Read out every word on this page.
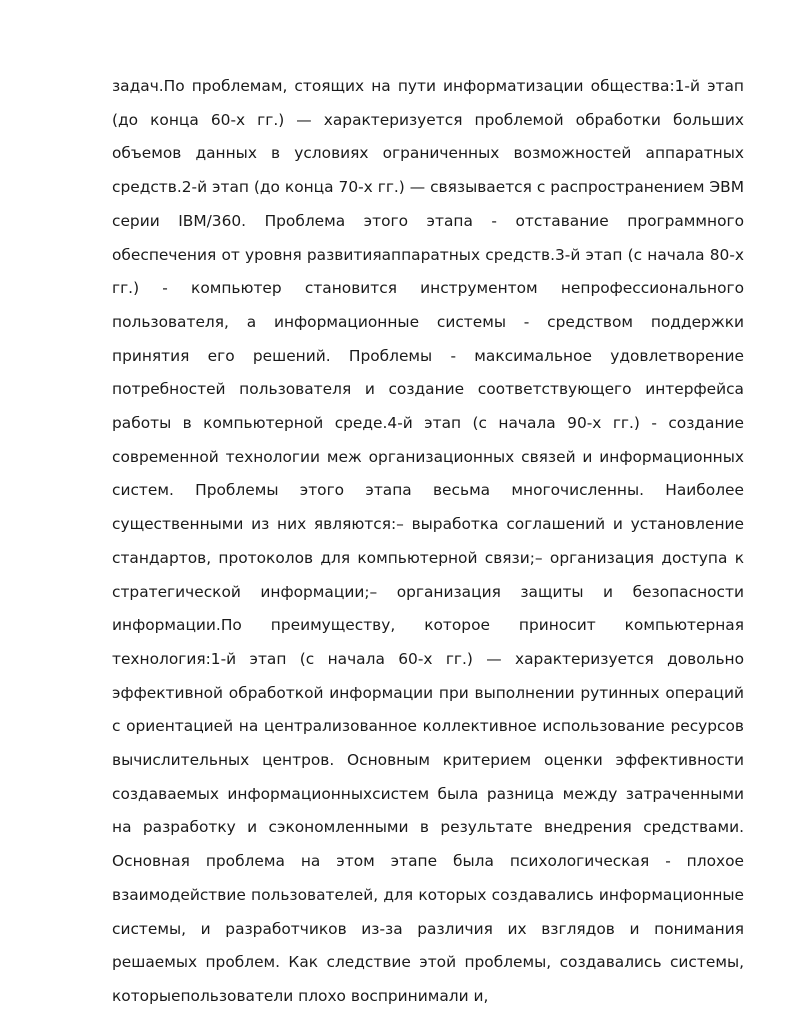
задач.По проблемам, стоящих на пути информатизации общества:1-й этап (до конца 60-х гг.) — характеризуется проблемой обработки больших объемов данных в условиях ограниченных возможностей аппаратных средств.2-й этап (до конца 70-х гг.) — связывается с распространением ЭВМ серии IBM/360. Проблема этого этапа - отставание программного обеспечения от уровня развитияаппаратных средств.3-й этап (с начала 80-х гг.) - компьютер становится инструментом непрофессионального пользователя, а информационные системы - средством поддержки принятия его решений. Проблемы - максимальное удовлетворение потребностей пользователя и создание соответствующего интерфейса работы в компьютерной среде.4-й этап (с начала 90-х гг.) - создание современной технологии меж организационных связей и информационных систем. Проблемы этого этапа весьма многочисленны. Наиболее существенными из них являются:– выработка соглашений и установление стандартов, протоколов для компьютерной связи;– организация доступа к стратегической информации;– организация защиты и безопасности информации.По преимуществу, которое приносит компьютерная технология:1-й этап (с начала 60-х гг.) — характеризуется довольно эффективной обработкой информации при выполнении рутинных операций с ориентацией на централизованное коллективное использование ресурсов вычислительных центров. Основным критерием оценки эффективности создаваемых информационныхсистем была разница между затраченными на разработку и сэкономленными в результате внедрения средствами. Основная проблема на этом этапе была психологическая - плохое взаимодействие пользователей, для которых создавались информационные системы, и разработчиков из-за различия их взглядов и понимания решаемых проблем. Как следствие этой проблемы, создавались системы, которыепользователи плохо воспринимали и,
